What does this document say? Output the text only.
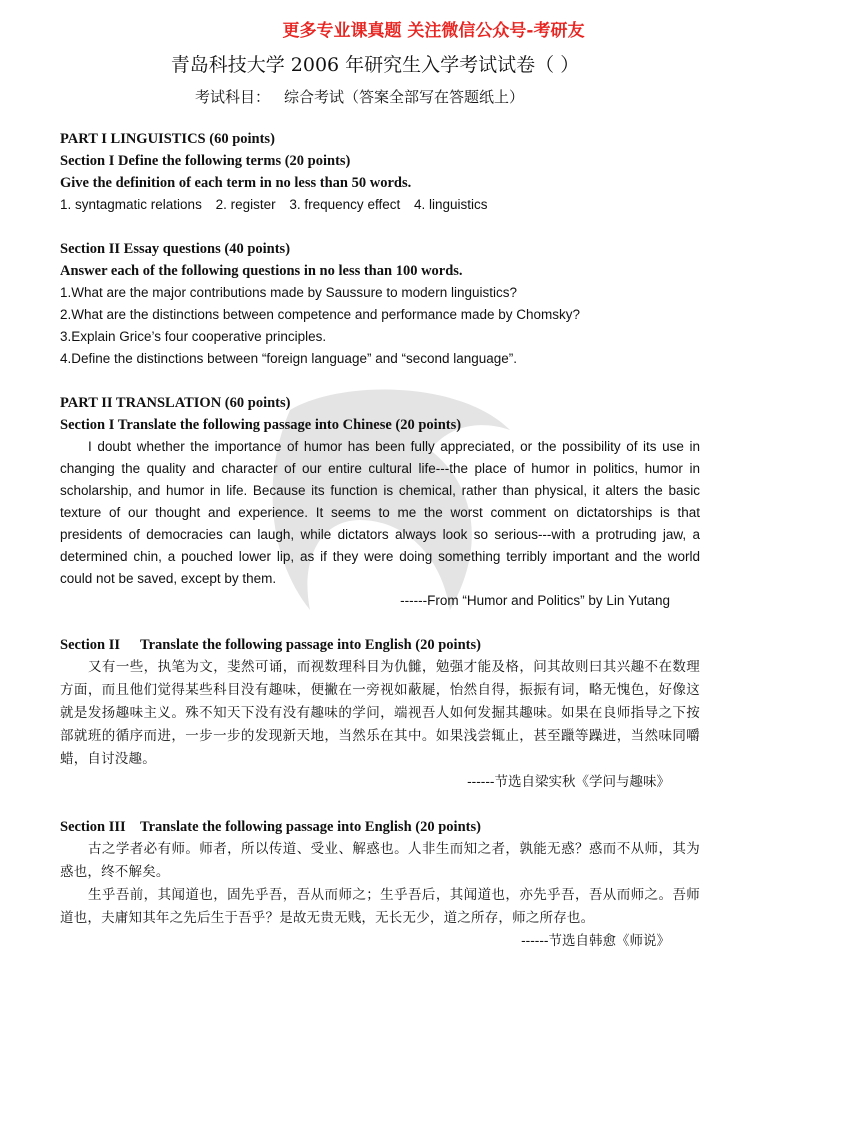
更多专业课真题 关注微信公众号-考研友
青岛科技大学 2006 年研究生入学考试试卷（ ）
考试科目： 综合考试（答案全部写在答题纸上）
PART I LINGUISTICS (60 points)
Section I Define the following terms (20 points)
Give the definition of each term in no less than 50 words.
1. syntagmatic relations 2. register 3. frequency effect 4. linguistics
Section II Essay questions (40 points)
Answer each of the following questions in no less than 100 words.
1.What are the major contributions made by Saussure to modern linguistics?
2.What are the distinctions between competence and performance made by Chomsky?
3.Explain Grice’s four cooperative principles.
4.Define the distinctions between “foreign language” and “second language”.
PART II TRANSLATION (60 points)
Section I Translate the following passage into Chinese (20 points)
I doubt whether the importance of humor has been fully appreciated, or the possibility of its use in changing the quality and character of our entire cultural life---the place of humor in politics, humor in scholarship, and humor in life. Because its function is chemical, rather than physical, it alters the basic texture of our thought and experience. It seems to me the worst comment on dictatorships is that presidents of democracies can laugh, while dictators always look so serious---with a protruding jaw, a determined chin, a pouched lower lip, as if they were doing something terribly important and the world could not be saved, except by them.
------From “Humor and Politics” by Lin Yutang
Section II Translate the following passage into English (20 points)
又有一些，执笔为文，斐然可诵，而视数理科目为仇雠，勉强才能及格，问其故则曰其兴趣不在数理方面，而且他们觉得某些科目没有趣味，便撇在一旁视如蔽屣，怡然自得，振振有词，略无愧色，好像这就是发扬趣味主义。殊不知天下没有没有趣味的学问，端视吾人如何发掘其趣味。如果在良师指导之下按部就班的循序而进，一步一步的发现新天地，当然乐在其中。如果浅尝辄止，甚至躐等躁进，当然味同嚼蜡，自讨没趣。
------节选自梁实秋《学问与趣味》
Section III Translate the following passage into English (20 points)
古之学者必有师。师者，所以传道、受业、解惑也。人非生而知之者，孰能无惑？惑而不从师，其为惑也，终不解矣。
生乎吾前，其闻道也，固先乎吾，吾从而师之；生乎吾后，其闻道也，亦先乎吾，吾从而师之。吾师道也，夫庸知其年之先后生于吾乎？是故无贵无贱，无长无少，道之所存，师之所存也。
------节选自韩愈《师说》
